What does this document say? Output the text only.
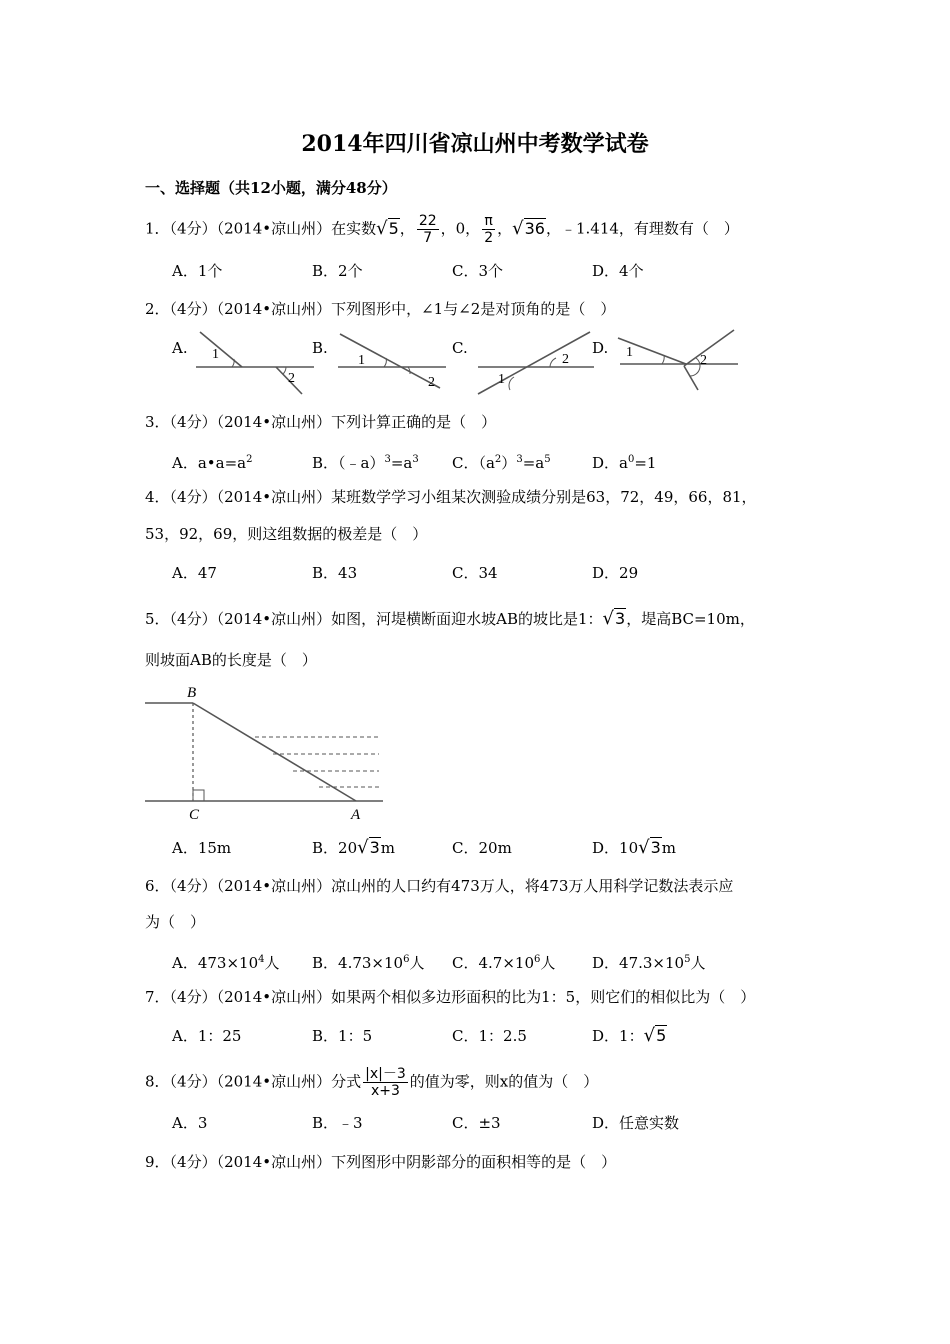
2014年四川省凉山州中考数学试卷
一、选择题（共12小题，满分48分）
1．（4分）（2014•凉山州）在实数√5， $\frac{22}{7}$ ，0， $\frac{\pi}{2}$ ，√36，﹣1.414，有理数有（　）
A．1个	B．2个	C．3个	D．4个
2．（4分）（2014•凉山州）下列图形中，∠1与∠2是对顶角的是（　）
A.	B.	C.	D.
1
2
1
2	1
2	1
2
3．（4分）（2014•凉山州）下列计算正确的是（　）
A．$a•a=a^2$	B．$(﹣a)^3=a^3$ C．$(a^2)^3=a^5$	D．$a^0=1$
4．（4分）（2014•凉山州）某班数学学习小组某次测验成绩分别是63，72，49，66，81，
53，92，69，则这组数据的极差是（　）
A．47	B．43	C．34	D．29
5．（4分）（2014•凉山州）如图，河堤横断面迎水坡AB的坡比是1：√3，堤高BC=10m，
则坡面AB的长度是（　）
B
C	A
A．15m	B．20√3m	C．20m	D．10√3m
6．（4分）（2014•凉山州）凉山州的人口约有473万人，将473万人用科学记数法表示应
为（　）
A．$473\times 10^4$人 B．$4.73\times 10^6$人 C．$4.7\times 10^6$人 D．$47.3\times 10^5$人
7．（4分）（2014•凉山州）如果两个相似多边形面积的比为1：5，则它们的相似比为（　）
A．1：25	B．1：5	C．1：2.5	D．1：√5
8．（4分）（2014•凉山州）分式 $\frac{|x|-3}{x+3}$ 的值为零，则x的值为（　）
A．3	B．﹣3	C．±3	D．任意实数
9．（4分）（2014•凉山州）下列图形中阴影部分的面积相等的是（　）
